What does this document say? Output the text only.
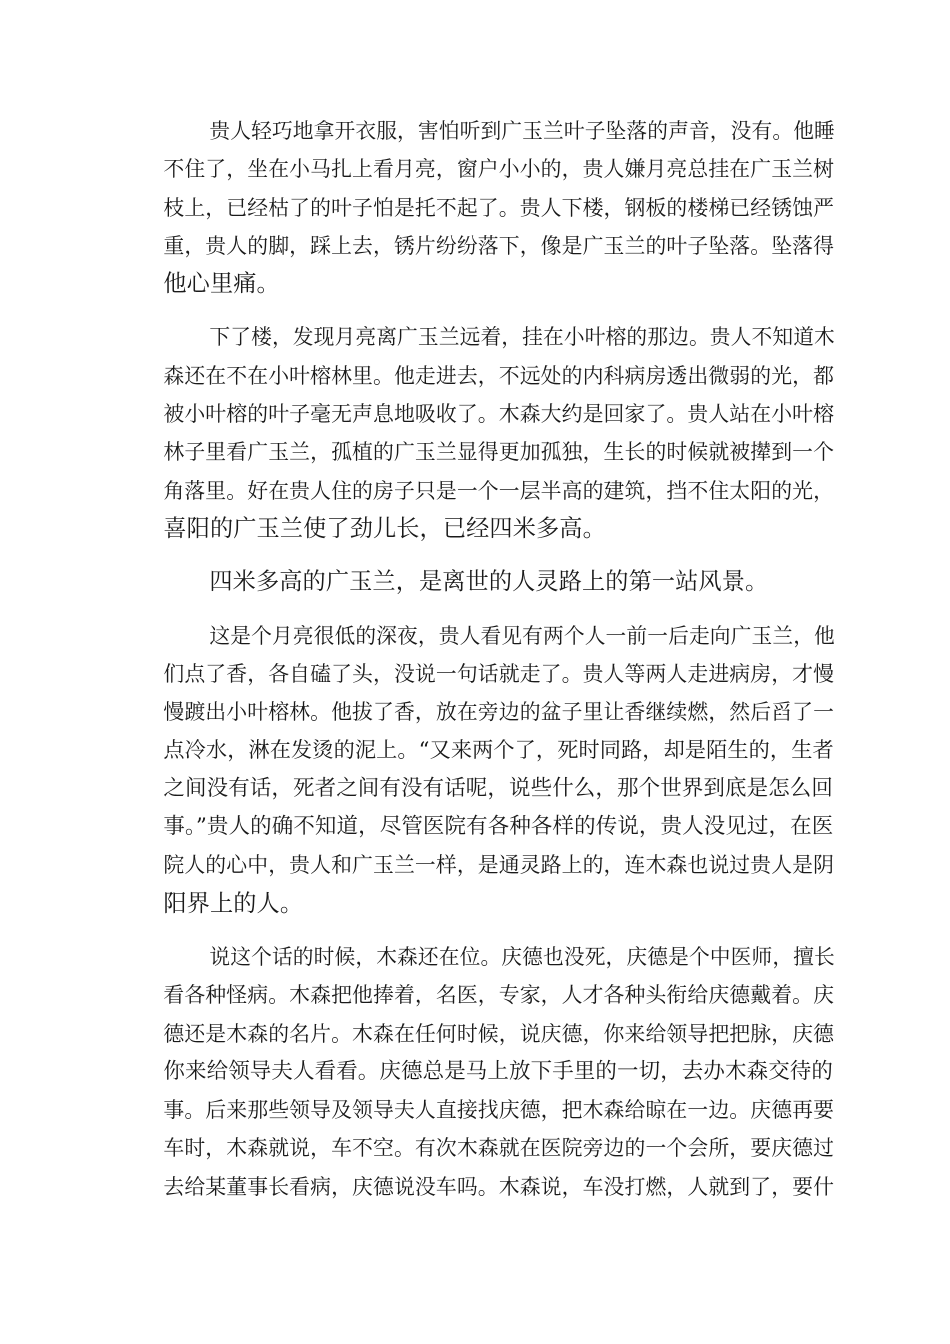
贵人轻巧地拿开衣服，害怕听到广玉兰叶子坠落的声音，没有。他睡
不住了，坐在小马扎上看月亮，窗户小小的，贵人嫌月亮总挂在广玉兰树
枝上，已经枯了的叶子怕是托不起了。贵人下楼，钢板的楼梯已经锈蚀严
重，贵人的脚，踩上去，锈片纷纷落下，像是广玉兰的叶子坠落。坠落得
他心里痛。
下了楼，发现月亮离广玉兰远着，挂在小叶榕的那边。贵人不知道木
森还在不在小叶榕林里。他走进去，不远处的内科病房透出微弱的光，都
被小叶榕的叶子毫无声息地吸收了。木森大约是回家了。贵人站在小叶榕
林子里看广玉兰，孤植的广玉兰显得更加孤独，生长的时候就被撵到一个
角落里。好在贵人住的房子只是一个一层半高的建筑，挡不住太阳的光，
喜阳的广玉兰使了劲儿长，已经四米多高。
四米多高的广玉兰，是离世的人灵路上的第一站风景。
这是个月亮很低的深夜，贵人看见有两个人一前一后走向广玉兰，他
们点了香，各自磕了头，没说一句话就走了。贵人等两人走进病房，才慢
慢踱出小叶榕林。他拔了香，放在旁边的盆子里让香继续燃，然后舀了一
点冷水，淋在发烫的泥上。“又来两个了，死时同路，却是陌生的，生者
之间没有话，死者之间有没有话呢，说些什么，那个世界到底是怎么回
事。”贵人的确不知道，尽管医院有各种各样的传说，贵人没见过，在医
院人的心中，贵人和广玉兰一样，是通灵路上的，连木森也说过贵人是阴
阳界上的人。
说这个话的时候，木森还在位。庆德也没死，庆德是个中医师，擅长
看各种怪病。木森把他捧着，名医，专家，人才各种头衔给庆德戴着。庆
德还是木森的名片。木森在任何时候，说庆德，你来给领导把把脉，庆德
你来给领导夫人看看。庆德总是马上放下手里的一切，去办木森交待的
事。后来那些领导及领导夫人直接找庆德，把木森给晾在一边。庆德再要
车时，木森就说，车不空。有次木森就在医院旁边的一个会所，要庆德过
去给某董事长看病，庆德说没车吗。木森说，车没打燃，人就到了，要什
